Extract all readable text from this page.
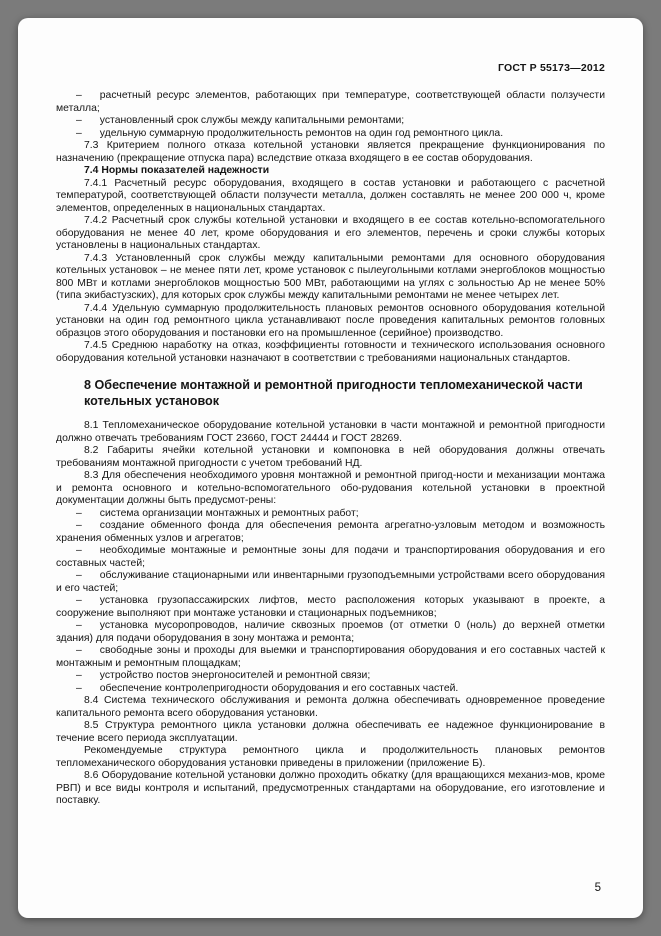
ГОСТ Р 55173—2012

– расчетный ресурс элементов, работающих при температуре, соответствующей области ползучести металла;

– установленный срок службы между капитальными ремонтами;

– удельную суммарную продолжительность ремонтов на один год ремонтного цикла.

7.3 Критерием полного отказа котельной установки является прекращение функционирования по назначению (прекращение отпуска пара) вследствие отказа входящего в ее состав оборудования.

7.4 Нормы показателей надежности

7.4.1 Расчетный ресурс оборудования, входящего в состав установки и работающего с расчетной температурой, соответствующей области ползучести металла, должен составлять не менее 200 000 ч, кроме элементов, определенных в национальных стандартах.

7.4.2 Расчетный срок службы котельной установки и входящего в ее состав котельно-вспомогательного оборудования не менее 40 лет, кроме оборудования и его элементов, перечень и сроки службы которых установлены в национальных стандартах.

7.4.3 Установленный срок службы между капитальными ремонтами для основного оборудования котельных установок – не менее пяти лет, кроме установок с пылеугольными котлами энергоблоков мощностью 800 МВт и котлами энергоблоков мощностью 500 МВт, работающими на углях с зольностью Ар не менее 50% (типа экибастузских), для которых срок службы между капитальными ремонтами не менее четырех лет.

7.4.4 Удельную суммарную продолжительность плановых ремонтов основного оборудования котельной установки на один год ремонтного цикла устанавливают после проведения капитальных ремонтов головных образцов этого оборудования и постановки его на промышленное (серийное) производство.

7.4.5 Среднюю наработку на отказ, коэффициенты готовности и технического использования основного оборудования котельной установки назначают в соответствии с требованиями национальных стандартов.

8 Обеспечение монтажной и ремонтной пригодности тепломеханической части котельных установок

8.1 Тепломеханическое оборудование котельной установки в части монтажной и ремонтной пригодности должно отвечать требованиям ГОСТ 23660, ГОСТ 24444 и ГОСТ 28269.

8.2 Габариты ячейки котельной установки и компоновка в ней оборудования должны отвечать требованиям монтажной пригодности с учетом требований НД.

8.3 Для обеспечения необходимого уровня монтажной и ремонтной пригод-ности и механизации монтажа и ремонта основного и котельно-вспомогательного обо-рудования котельной установки в проектной документации должны быть предусмот-рены:

– система организации монтажных и ремонтных работ;

– создание обменного фонда для обеспечения ремонта агрегатно-узловым методом и возможность хранения обменных узлов и агрегатов;

– необходимые монтажные и ремонтные зоны для подачи и транспортирования оборудования и его составных частей;

– обслуживание стационарными или инвентарными грузоподъемными устройствами всего оборудования и его частей;

– установка грузопассажирских лифтов, место расположения которых указывают в проекте, а сооружение выполняют при монтаже установки и стационарных подъемников;

– установка мусоропроводов, наличие сквозных проемов (от отметки 0 (ноль) до верхней отметки здания) для подачи оборудования в зону монтажа и ремонта;

– свободные зоны и проходы для выемки и транспортирования оборудования и его составных частей к монтажным и ремонтным площадкам;

– устройство постов энергоносителей и ремонтной связи;

– обеспечение контролепригодности оборудования и его составных частей.

8.4 Система технического обслуживания и ремонта должна обеспечивать одновременное проведение капитального ремонта всего оборудования установки.

8.5 Структура ремонтного цикла установки должна обеспечивать ее надежное функционирование в течение всего периода эксплуатации.

Рекомендуемые структура ремонтного цикла и продолжительность плановых ремонтов тепломеханического оборудования установки приведены в приложении (приложение Б).

8.6 Оборудование котельной установки должно проходить обкатку (для вращающихся механиз-мов, кроме РВП) и все виды контроля и испытаний, предусмотренных стандартами на оборудование, его изготовление и поставку.

5
